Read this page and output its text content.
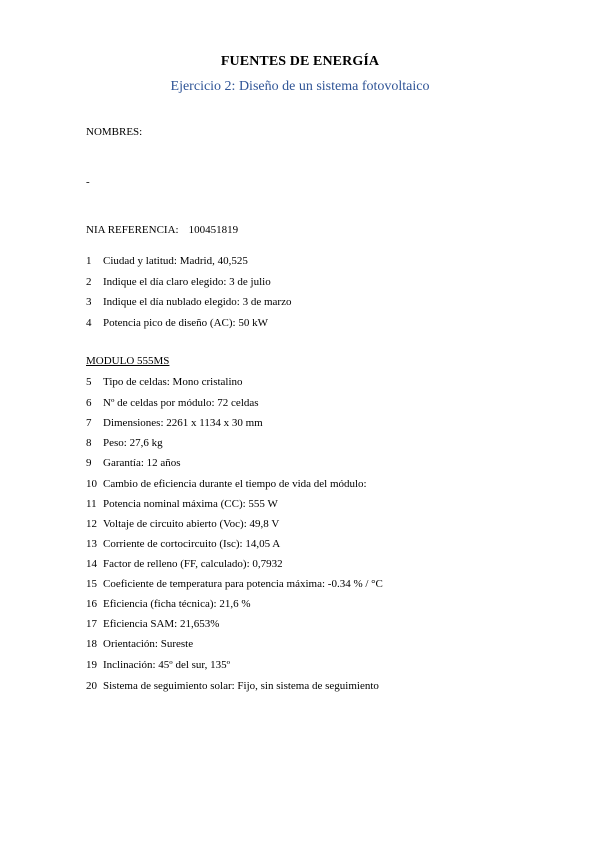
FUENTES DE ENERGÍA
Ejercicio 2: Diseño de un sistema fotovoltaico
NOMBRES:
-
NIA REFERENCIA: 100451819
1 Ciudad y latitud: Madrid, 40,525
2 Indique el día claro elegido: 3 de julio
3 Indique el día nublado elegido: 3 de marzo
4 Potencia pico de diseño (AC): 50 kW
MODULO 555MS
5 Tipo de celdas: Mono cristalino
6 Nº de celdas por módulo: 72 celdas
7 Dimensiones: 2261 x 1134 x 30 mm
8 Peso: 27,6 kg
9 Garantía: 12 años
10 Cambio de eficiencia durante el tiempo de vida del módulo:
11 Potencia nominal máxima (CC): 555 W
12 Voltaje de circuito abierto (Voc): 49,8 V
13 Corriente de cortocircuito (Isc): 14,05 A
14 Factor de relleno (FF, calculado): 0,7932
15 Coeficiente de temperatura para potencia máxima: -0.34 % / °C
16 Eficiencia (ficha técnica): 21,6 %
17 Eficiencia SAM: 21,653%
18 Orientación: Sureste
19 Inclinación: 45º del sur, 135º
20 Sistema de seguimiento solar: Fijo, sin sistema de seguimiento
